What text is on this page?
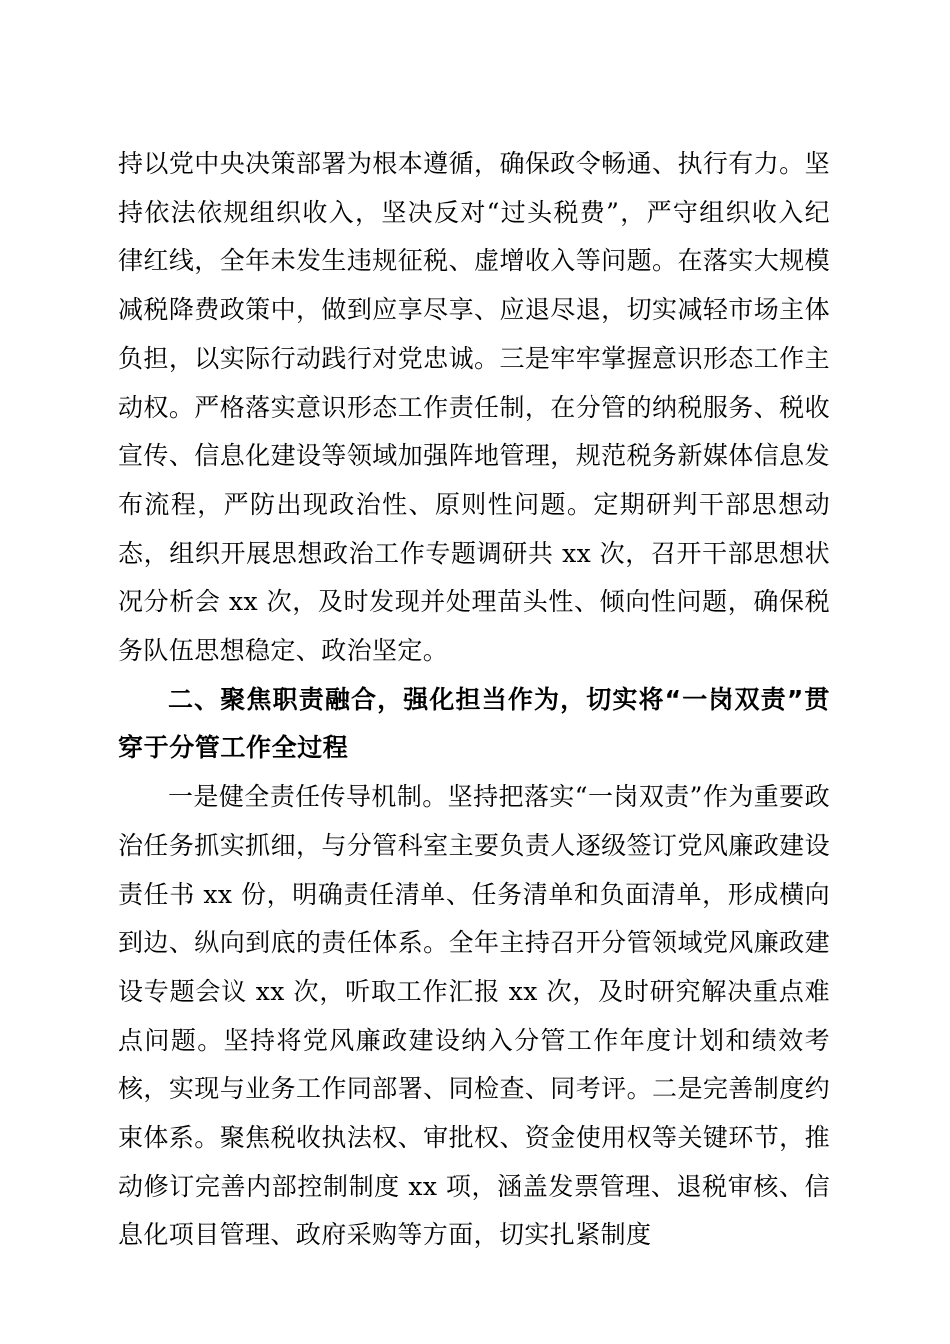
持以党中央决策部署为根本遵循，确保政令畅通、执行有力。坚持依法依规组织收入，坚决反对“过头税费”，严守组织收入纪律红线，全年未发生违规征税、虚增收入等问题。在落实大规模减税降费政策中，做到应享尽享、应退尽退，切实减轻市场主体负担，以实际行动践行对党忠诚。三是牢牢掌握意识形态工作主动权。严格落实意识形态工作责任制，在分管的纳税服务、税收宣传、信息化建设等领域加强阵地管理，规范税务新媒体信息发布流程，严防出现政治性、原则性问题。定期研判干部思想动态，组织开展思想政治工作专题调研共 xx 次，召开干部思想状况分析会 xx 次，及时发现并处理苗头性、倾向性问题，确保税务队伍思想稳定、政治坚定。

二、聚焦职责融合，强化担当作为，切实将“一岗双责”贯穿于分管工作全过程

一是健全责任传导机制。坚持把落实“一岗双责”作为重要政治任务抓实抓细，与分管科室主要负责人逐级签订党风廉政建设责任书 xx 份，明确责任清单、任务清单和负面清单，形成横向到边、纵向到底的责任体系。全年主持召开分管领域党风廉政建设专题会议 xx 次，听取工作汇报 xx 次，及时研究解决重点难点问题。坚持将党风廉政建设纳入分管工作年度计划和绩效考核，实现与业务工作同部署、同检查、同考评。二是完善制度约束体系。聚焦税收执法权、审批权、资金使用权等关键环节，推动修订完善内部控制制度 xx 项，涵盖发票管理、退税审核、信息化项目管理、政府采购等方面，切实扎紧制度
